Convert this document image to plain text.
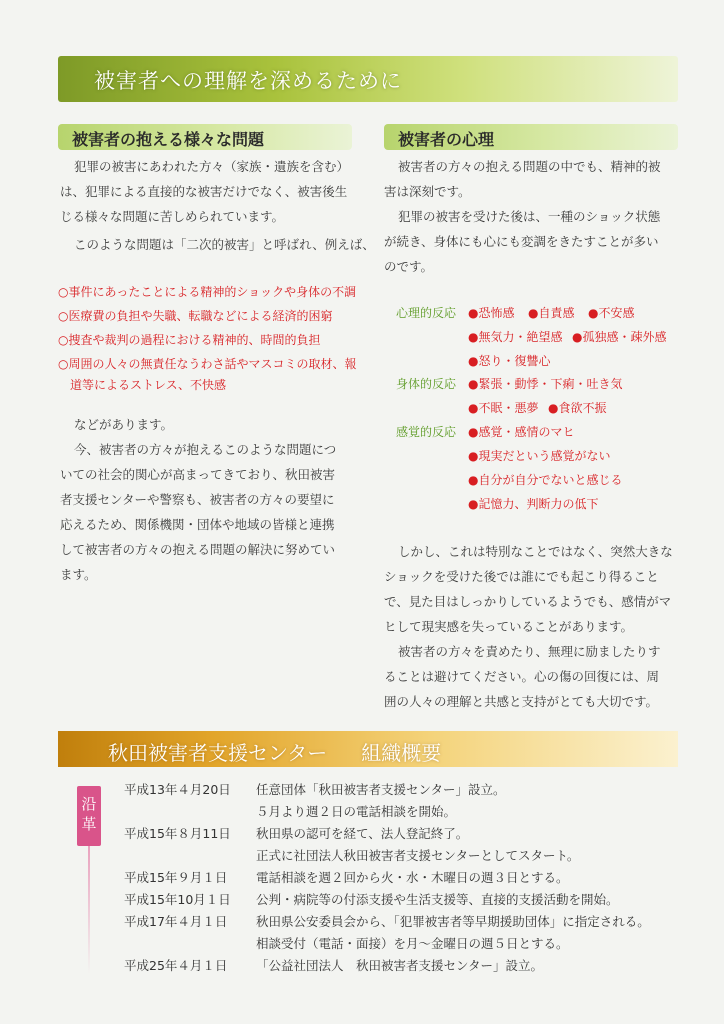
被害者への理解を深めるために
被害者の抱える様々な問題	被害者の心理
犯罪の被害にあわれた方々（家族・遺族を含む）
は、犯罪による直接的な被害だけでなく、被害後生
じる様々な問題に苦しめられています。
このような問題は「二次的被害」と呼ばれ、例えば、
○事件にあったことによる精神的ショックや身体の不調
○医療費の負担や失職、転職などによる経済的困窮
○捜査や裁判の過程における精神的、時間的負担
○周囲の人々の無責任なうわさ話やマスコミの取材、報
道等によるストレス、不快感
などがあります。
今、被害者の方々が抱えるこのような問題につ
いての社会的関心が高まってきており、秋田被害
者支援センターや警察も、被害者の方々の要望に
応えるため、関係機関・団体や地域の皆様と連携
して被害者の方々の抱える問題の解決に努めてい
ます。
被害者の方々の抱える問題の中でも、精神的被
害は深刻です。
犯罪の被害を受けた後は、一種のショック状態
が続き、身体にも心にも変調をきたすことが多い
のです。
心理的反応 ●恐怖感 ●自責感 ●不安感
●無気力・絶望感 ●孤独感・疎外感
●怒り・復讐心
身体的反応 ●緊張・動悸・下痢・吐き気
●不眠・悪夢 ●食欲不振
感覚的反応 ●感覚・感情のマヒ
●現実だという感覚がない
●自分が自分でないと感じる
●記憶力、判断力の低下
しかし、これは特別なことではなく、突然大きな
ショックを受けた後では誰にでも起こり得ること
で、見た目はしっかりしているようでも、感情がマ
ヒして現実感を失っていることがあります。
被害者の方々を責めたり、無理に励ましたりす
ることは避けてください。心の傷の回復には、周
囲の人々の理解と共感と支持がとても大切です。
秋田被害者支援センター 組織概要
沿
革
平成13年４月20日 任意団体「秋田被害者支援センター」設立。
５月より週２日の電話相談を開始。
平成15年８月11日 秋田県の認可を経て、法人登記終了。
正式に社団法人秋田被害者支援センターとしてスタート。
平成15年９月１日 電話相談を週２回から火・水・木曜日の週３日とする。
平成15年10月１日 公判・病院等の付添支援や生活支援等、直接的支援活動を開始。
平成17年４月１日 秋田県公安委員会から、「犯罪被害者等早期援助団体」に指定される。
相談受付（電話・面接）を月～金曜日の週５日とする。
平成25年４月１日 「公益社団法人　秋田被害者支援センター」設立。
